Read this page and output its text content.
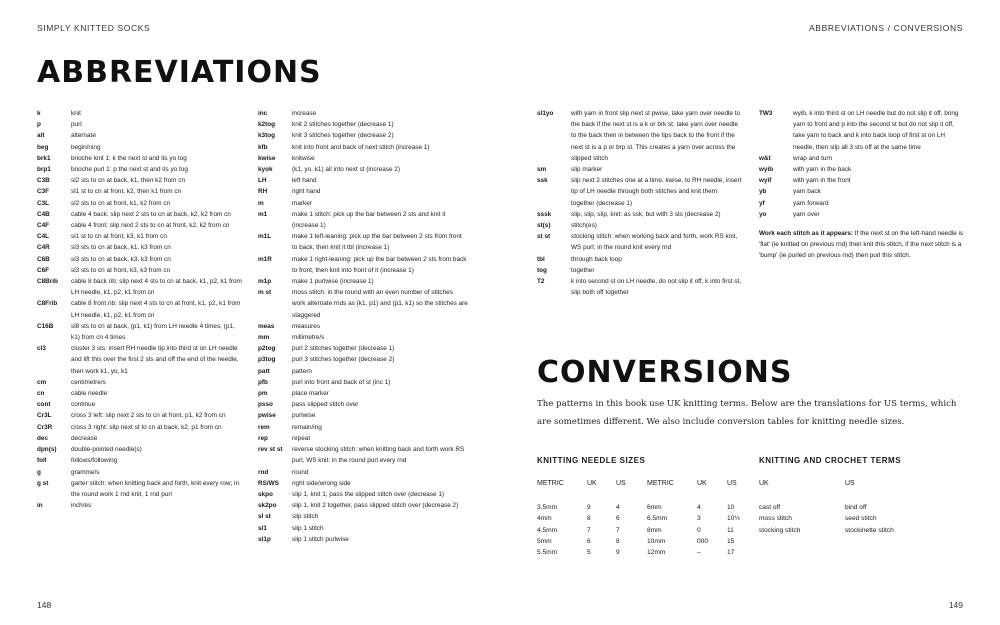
SIMPLY KNITTED SOCKS
ABBREVIATIONS
148
ABBREVIATIONS / CONVERSIONS
149
k	knit
p	purl
alt	alternate
beg	begin/ning
brk1	brioche knit 1: k the next st and its yo tog
brp1	brioche purl 1: p the next st and its yo tog
C3B	sl2 sts to cn at back, k1, then k2 from cn
C3F	sl1 st to cn at front, k2, then k1 from cn
C3L	sl2 sts to cn at front, k1, k2 from cn
C4B	cable 4 back: slip next 2 sts to cn at back, k2, k2 from cn
C4F	cable 4 front: slip next 2 sts to cn at front, k2, k2 from cn
C4L	sl1 st to cn at front, k3, k1 from cn
C4R	sl3 sts to cn at back, k1, k3 from cn
C6B	sl3 sts to cn at back, k3, k3 from cn
C6F	sl3 sts to cn at front, k3, k3 from cn
C8Brib	cable 8 back rib: slip next 4 sts to cn at back, k1, p2, k1 from LH needle, k1, p2, k1 from cn
C8Frib	cable 8 front rib: slip next 4 sts to cn at front, k1, p2, k1 from LH needle, k1, p2, k1 from cn
C16B	sl8 sts to cn at back, (p1, k1) from LH needle 4 times, (p1, k1) from cn 4 times
cl3	cluster 3 sts: insert RH needle tip into third st on LH needle and lift this over the first 2 sts and off the end of the needle, then work k1, yo, k1
cm	centimetre/s
cn	cable needle
cont	continue
Cr3L	cross 3 left: slip next 2 sts to cn at front, p1, k2 from cn
Cr3R	cross 3 right: slip next st to cn at back, k2, p1 from cn
dec	decrease
dpn(s)	double-pointed needle(s)
foll	follows/following
g	gramme/s
g st	garter stitch: when knitting back and forth, knit every row; in the round work 1 rnd knit, 1 rnd purl
in	inch/es
inc	increase
k2tog	knit 2 stitches together (decrease 1)
k3tog	knit 3 stitches together (decrease 2)
kfb	knit into front and back of next stitch (increase 1)
kwise	knitwise
kyok	(k1, yo, k1) all into next st (increase 2)
LH	left hand
RH	right hand
m	marker
m1	make 1 stitch: pick up the bar between 2 sts and knit it (increase 1)
m1L	make 1 left-leaning: pick up the bar between 2 sts from front to back, then knit it tbl (increase 1)
m1R	make 1 right-leaning: pick up the bar between 2 sts from back to front, then knit into front of it (increase 1)
m1p	make 1 purlwise (increase 1)
m st	moss stitch: in the round with an even number of stitches work alternate rnds as (k1, p1) and (p1, k1) so the stitches are staggered
meas	measures
mm	millimetre/s
p2tog	purl 2 stitches together (decrease 1)
p3tog	purl 3 stitches together (decrease 2)
patt	pattern
pfb	purl into front and back of st (inc 1)
pm	place marker
psso	pass slipped stitch over
pwise	purlwise
rem	remain/ing
rep	repeat
rev st st	reverse stocking stitch: when knitting back and forth work RS purl, WS knit: in the round purl every rnd
rnd	round
RS/WS	right side/wrong side
skpo	slip 1, knit 1, pass the slipped stitch over (decrease 1)
sk2po	slip 1, knit 2 together, pass slipped stitch over (decrease 2)
sl st	slip stitch
sl1	slip 1 stitch
sl1p	slip 1 stitch purlwise
sl1yo	with yarn in front slip next st pwise, take yarn over needle to the back if the next st is a k or brk st; take yarn over needle to the back then in between the tips back to the front if the next st is a p or brp st. This creates a yarn over across the slipped stitch
sm	slip marker
ssk	slip next 2 stitches one at a time, kwise, to RH needle, insert tip of LH needle through both stitches and knit them together (decrease 1)
sssk	slip, slip, slip, knit: as ssk, but with 3 sts (decrease 2)
st(s)	stitch(es)
st st	stocking stitch: when working back and forth, work RS knit, WS purl; in the round knit every rnd
tbl	through back loop
tog	together
T2	k into second st on LH needle, do not slip it off, k into first st, slip both off together
TW3	wyib, k into third st on LH needle but do not slip it off, bring yarn to front and p into the second st but do not slip it off, take yarn to back and k into back loop of first st on LH needle, then slip all 3 sts off at the same time
w&t	wrap and turn
wyib	with yarn in the back
wyif	with yarn in the front
yb	yarn back
yf	yarn forward
yo	yarn over
Work each stitch as it appears: If the next st on the left-hand needle is 'flat' (ie knitted on previous rnd) then knit this stitch, if the next stitch is a 'bump' (ie purled on previous rnd) then purl this stitch.
CONVERSIONS

The patterns in this book use UK knitting terms. Below are the translations for US terms, which are sometimes different. We also include conversion tables for knitting needle sizes.

KNITTING NEEDLE SIZES
METRIC	UK	US	METRIC	UK	US
3.5mm	9	4	6mm	4	10
4mm	8	6	6.5mm	3	10½
4.5mm	7	7	8mm	0	11
5mm	6	8	10mm	000	15
5.5mm	5	9	12mm	–	17
KNITTING AND CROCHET TERMS
UK	US
cast off	bind off
moss stitch	seed stitch
stocking stitch	stockinette stitch
